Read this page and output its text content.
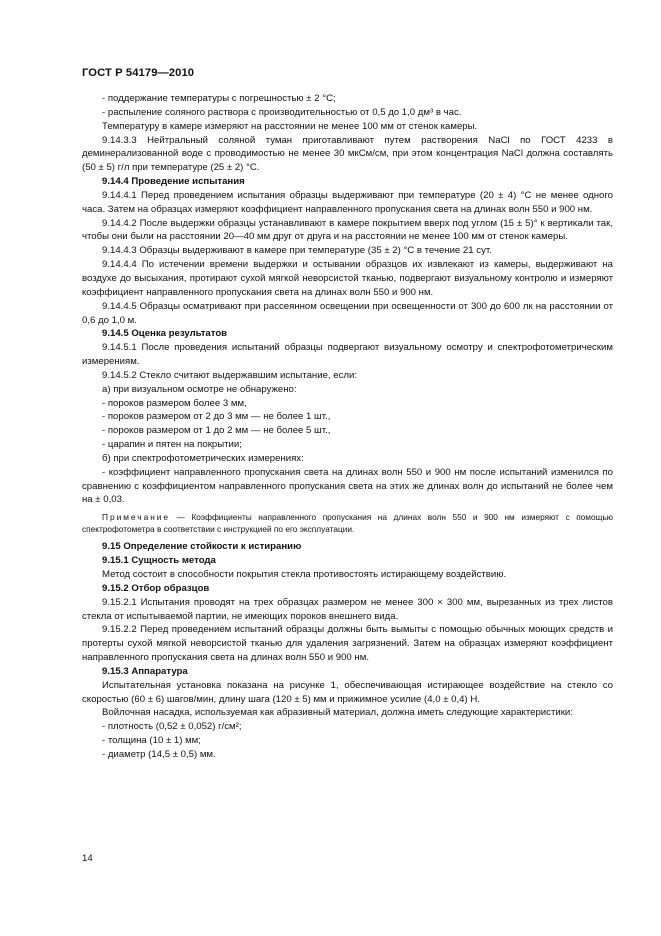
ГОСТ Р 54179—2010

- поддержание температуры с погрешностью ± 2 °С;

- распыление соляного раствора с производительностью от 0,5 до 1,0 дм³ в час.

Температуру в камере измеряют на расстоянии не менее 100 мм от стенок камеры.

9.14.3.3 Нейтральный соляной туман приготавливают путем растворения NaCl по ГОСТ 4233 в деминерализованной воде с проводимостью не менее 30 мкСм/см, при этом концентрация NaCl должна составлять (50 ± 5) г/л при температуре (25 ± 2) °С.

9.14.4 Проведение испытания

9.14.4.1 Перед проведением испытания образцы выдерживают при температуре (20 ± 4) °С не менее одного часа. Затем на образцах измеряют коэффициент направленного пропускания света на длинах волн 550 и 900 нм.

9.14.4.2 После выдержки образцы устанавливают в камере покрытием вверх под углом (15 ± 5)° к вертикали так, чтобы они были на расстоянии 20—40 мм друг от друга и на расстоянии не менее 100 мм от стенок камеры.

9.14.4.3 Образцы выдерживают в камере при температуре (35 ± 2) °С в течение 21 сут.

9.14.4.4 По истечении времени выдержки и остывании образцов их извлекают из камеры, выдерживают на воздухе до высыхания, протирают сухой мягкой неворсистой тканью, подвергают визуальному контролю и измеряют коэффициент направленного пропускания света на длинах волн 550 и 900 нм.

9.14.4.5 Образцы осматривают при рассеянном освещении при освещенности от 300 до 600 лк на расстоянии от 0,6 до 1,0 м.

9.14.5 Оценка результатов

9.14.5.1 После проведения испытаний образцы подвергают визуальному осмотру и спектрофотометрическим измерениям.

9.14.5.2 Стекло считают выдержавшим испытание, если:

а) при визуальном осмотре не обнаружено:

- пороков размером более 3 мм,

- пороков размером от 2 до 3 мм — не более 1 шт.,

- пороков размером от 1 до 2 мм — не более 5 шт.,

- царапин и пятен на покрытии;

б) при спектрофотометрических измерениях:

- коэффициент направленного пропускания света на длинах волн 550 и 900 нм после испытаний изменился по сравнению с коэффициентом направленного пропускания света на этих же длинах волн до испытаний не более чем на ± 0,03.

Примечание — Коэффициенты направленного пропускания на длинах волн 550 и 900 нм измеряют с помощью спектрофотометра в соответствии с инструкцией по его эксплуатации.

9.15 Определение стойкости к истиранию

9.15.1 Сущность метода

Метод состоит в способности покрытия стекла противостоять истирающему воздействию.

9.15.2 Отбор образцов

9.15.2.1 Испытания проводят на трех образцах размером не менее 300 × 300 мм, вырезанных из трех листов стекла от испытываемой партии, не имеющих пороков внешнего вида.

9.15.2.2 Перед проведением испытаний образцы должны быть вымыты с помощью обычных моющих средств и протерты сухой мягкой неворсистой тканью для удаления загрязнений. Затем на образцах измеряют коэффициент направленного пропускания света на длинах волн 550 и 900 нм.

9.15.3 Аппаратура

Испытательная установка показана на рисунке 1, обеспечивающая истирающее воздействие на стекло со скоростью (60 ± 6) шагов/мин, длину шага (120 ± 5) мм и прижимное усилие (4,0 ± 0,4) Н.

Войлочная насадка, используемая как абразивный материал, должна иметь следующие характеристики:

- плотность (0,52 ± 0,052) г/см²;

- толщина (10 ± 1) мм;

- диаметр (14,5 ± 0,5) мм.

14
